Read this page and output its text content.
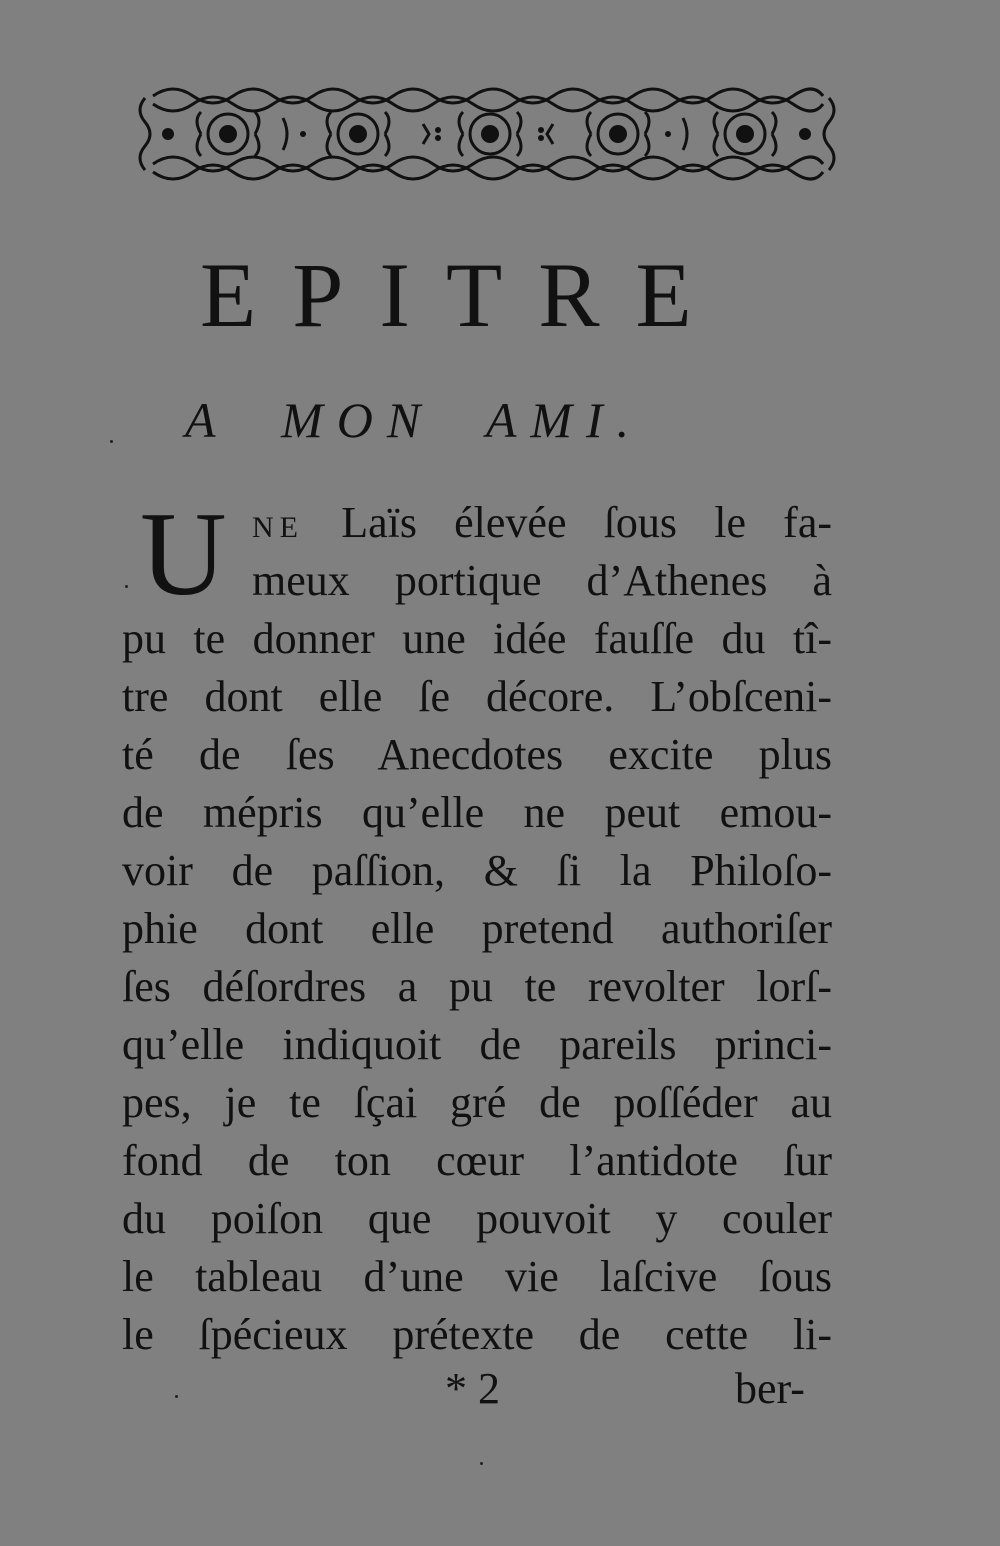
EPITRE
A MON AMI.
U NE Laïs élevée ſous le fa-
meux portique d’Athenes à
pu te donner une idée fauſſe du tî-
tre dont elle ſe décore. L’obſceni-
té de ſes Anecdotes excite plus
de mépris qu’elle ne peut emou-
voir de paſſion, & ſi la Philoſo-
phie dont elle pretend authoriſer
ſes déſordres a pu te revolter lorſ-
qu’elle indiquoit de pareils princi-
pes, je te ſçai gré de poſſéder au
fond de ton cœur l’antidote ſur
du poiſon que pouvoit y couler
le tableau d’une vie laſcive ſous
le ſpécieux prétexte de cette li-
* 2	ber-
